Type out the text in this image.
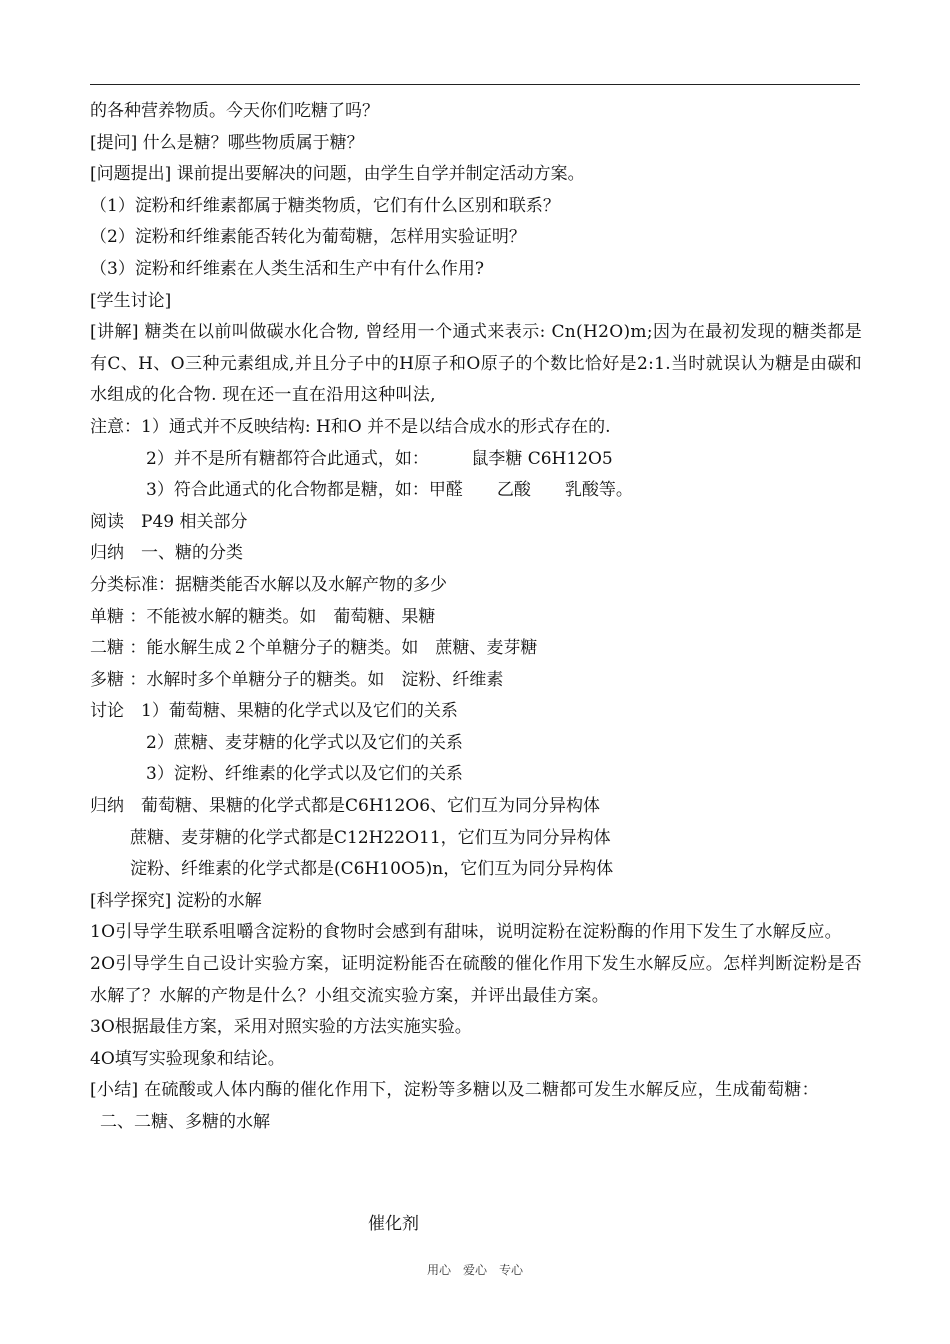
的各种营养物质。今天你们吃糖了吗？
[提问] 什么是糖？哪些物质属于糖？
[问题提出] 课前提出要解决的问题，由学生自学并制定活动方案。
（1）淀粉和纤维素都属于糖类物质，它们有什么区别和联系？
（2）淀粉和纤维素能否转化为葡萄糖，怎样用实验证明？
（3）淀粉和纤维素在人类生活和生产中有什么作用?
[学生讨论]
[讲解] 糖类在以前叫做碳水化合物, 曾经用一个通式来表示: Cn(H2O)m;因为在最初发现的糖类都是有C、H、O三种元素组成,并且分子中的H原子和O原子的个数比恰好是2:1.当时就误认为糖是由碳和水组成的化合物. 现在还一直在沿用这种叫法,
注意：1）通式并不反映结构: H和O 并不是以结合成水的形式存在的.
2）并不是所有糖都符合此通式，如：　　　鼠李糖 C6H12O5
3）符合此通式的化合物都是糖，如：甲醛　　乙酸　　乳酸等。
阅读　P49 相关部分
归纳　一、糖的分类
分类标准：据糖类能否水解以及水解产物的多少
单糖 ：不能被水解的糖类。如　葡萄糖、果糖
二糖 ：能水解生成２个单糖分子的糖类。如　蔗糖、麦芽糖
多糖 ：水解时多个单糖分子的糖类。如　淀粉、纤维素
讨论　1）葡萄糖、果糖的化学式以及它们的关系
2）蔗糖、麦芽糖的化学式以及它们的关系
3）淀粉、纤维素的化学式以及它们的关系
归纳　葡萄糖、果糖的化学式都是C6H12O6、它们互为同分异构体
蔗糖、麦芽糖的化学式都是C12H22O11，它们互为同分异构体
淀粉、纤维素的化学式都是(C6H10O5)n，它们互为同分异构体
[科学探究] 淀粉的水解
1O引导学生联系咀嚼含淀粉的食物时会感到有甜味，说明淀粉在淀粉酶的作用下发生了水解反应。
2O引导学生自己设计实验方案，证明淀粉能否在硫酸的催化作用下发生水解反应。怎样判断淀粉是否水解了？水解的产物是什么？小组交流实验方案，并评出最佳方案。
3O根据最佳方案，采用对照实验的方法实施实验。
4O填写实验现象和结论。
[小结] 在硫酸或人体内酶的催化作用下，淀粉等多糖以及二糖都可发生水解反应，生成葡萄糖：
二、二糖、多糖的水解
催化剂
用心　爱心　专心
